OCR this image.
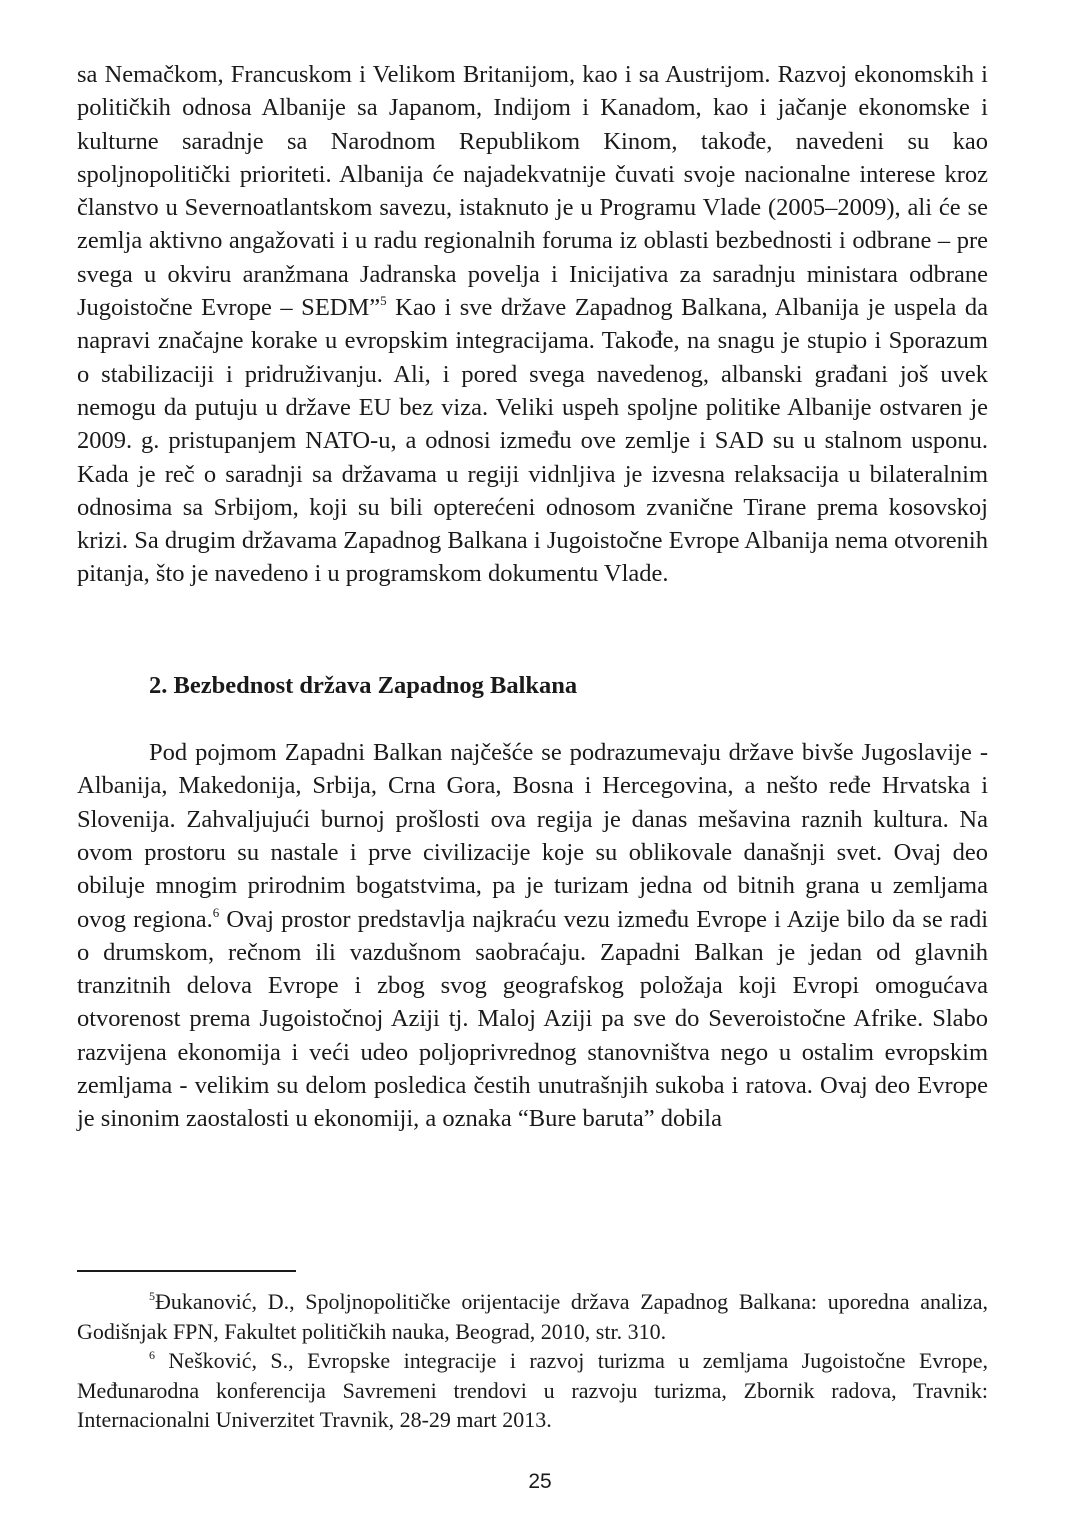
sa Nemačkom, Francuskom i Velikom Britanijom, kao i sa Austrijom. Razvoj ekonomskih i političkih odnosa Albanije sa Japanom, Indijom i Kanadom, kao i jačanje ekonomske i kulturne saradnje sa Narodnom Republikom Kinom, takođe, navedeni su kao spoljnopolitički prioriteti. Albanija će najadekvatnije čuvati svoje nacionalne interese kroz članstvo u Severnoatlantskom savezu, istaknuto je u Programu Vlade (2005–2009), ali će se zemlja aktivno angažovati i u radu regionalnih foruma iz oblasti bezbednosti i odbrane – pre svega u okviru aranžmana Jadranska povelja i Inicijativa za saradnju ministara odbrane Jugoistočne Evrope – SEDM”$^5$ Kao i sve države Zapadnog Balkana, Albanija je uspela da napravi značajne korake u evropskim integracijama. Takođe, na snagu je stupio i Sporazum o stabilizaciji i pridruživanju. Ali, i pored svega navedenog, albanski građani još uvek nemogu da putuju u države EU bez viza. Veliki uspeh spoljne politike Albanije ostvaren je 2009. g. pristupanjem NATO-u, a odnosi između ove zemlje i SAD su u stalnom usponu. Kada je reč o saradnji sa državama u regiji vidnljiva je izvesna relaksacija u bilateralnim odnosima sa Srbijom, koji su bili opterećeni odnosom zvanične Tirane prema kosovskoj krizi. Sa drugim državama Zapadnog Balkana i Jugoistočne Evrope Albanija nema otvorenih pitanja, što je navedeno i u programskom dokumentu Vlade.

2. Bezbednost država Zapadnog Balkana

Pod pojmom Zapadni Balkan najčešće se podrazumevaju države bivše Jugoslavije - Albanija, Makedonija, Srbija, Crna Gora, Bosna i Hercegovina, a nešto ređe Hrvatska i Slovenija. Zahvaljujući burnoj prošlosti ova regija je danas mešavina raznih kultura. Na ovom prostoru su nastale i prve civilizacije koje su oblikovale današnji svet. Ovaj deo obiluje mnogim prirodnim bogatstvima, pa je turizam jedna od bitnih grana u zemljama ovog regiona.$^6$ Ovaj prostor predstavlja najkraću vezu između Evrope i Azije bilo da se radi o drumskom, rečnom ili vazdušnom saobraćaju. Zapadni Balkan je jedan od glavnih tranzitnih delova Evrope i zbog svog geografskog položaja koji Evropi omogućava otvorenost prema Jugoistočnoj Aziji tj. Maloj Aziji pa sve do Severoistočne Afrike. Slabo razvijena ekonomija i veći udeo poljoprivrednog stanovništva nego u ostalim evropskim zemljama - velikim su delom posledica čestih unutrašnjih sukoba i ratova. Ovaj deo Evrope je sinonim zaostalosti u ekonomiji, a oznaka “Bure baruta” dobila

$^5$Đukanović, D., Spoljnopolitičke orijentacije država Zapadnog Balkana: uporedna analiza, Godišnjak FPN, Fakultet političkih nauka, Beograd, 2010, str. 310.

$^6$ Nešković, S., Evropske integracije i razvoj turizma u zemljama Jugoistočne Evrope, Međunarodna konferencija Savremeni trendovi u razvoju turizma, Zbornik radova, Travnik: Internacionalni Univerzitet Travnik, 28-29 mart 2013.

25
